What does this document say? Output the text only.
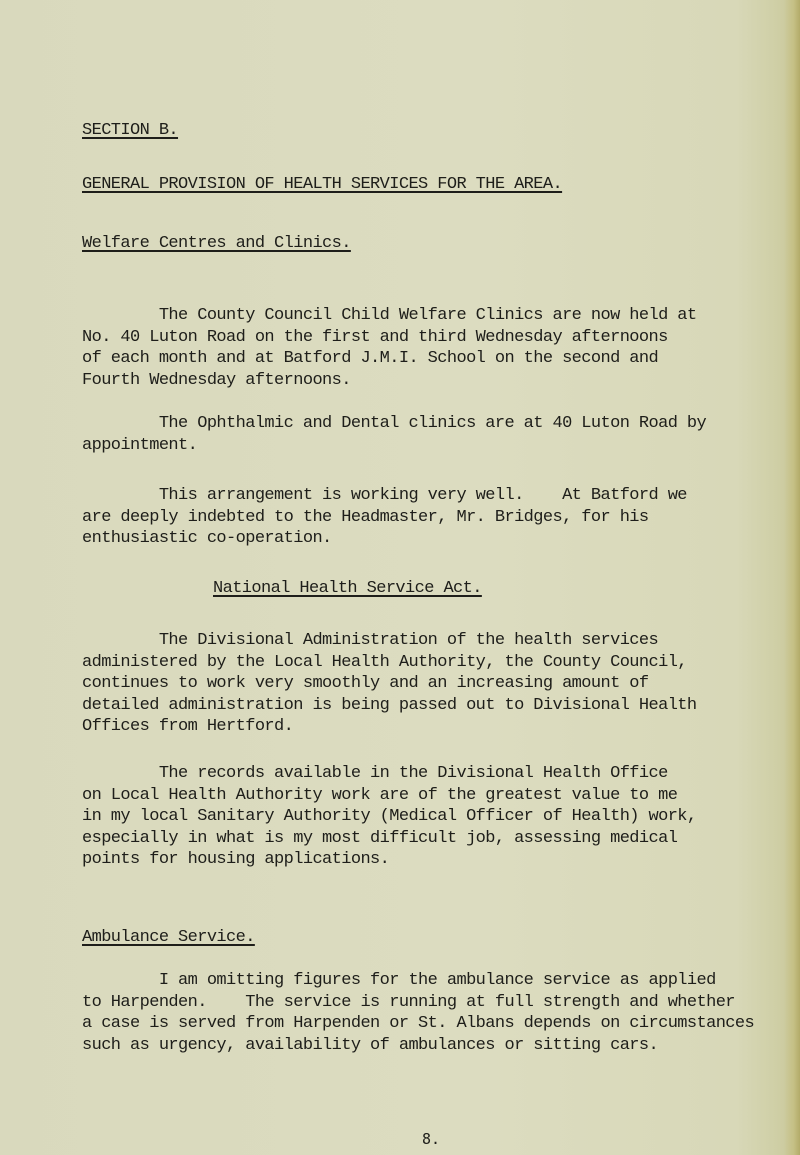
SECTION B.
GENERAL PROVISION OF HEALTH SERVICES FOR THE AREA.
Welfare Centres and Clinics.
The County Council Child Welfare Clinics are now held at
No. 40 Luton Road on the first and third Wednesday afternoons
of each month and at Batford J.M.I. School on the second and
Fourth Wednesday afternoons.
The Ophthalmic and Dental clinics are at 40 Luton Road by
appointment.
This arrangement is working very well.    At Batford we
are deeply indebted to the Headmaster, Mr. Bridges, for his
enthusiastic co-operation.
National Health Service Act.
The Divisional Administration of the health services
administered by the Local Health Authority, the County Council,
continues to work very smoothly and an increasing amount of
detailed administration is being passed out to Divisional Health
Offices from Hertford.
The records available in the Divisional Health Office
on Local Health Authority work are of the greatest value to me
in my local Sanitary Authority (Medical Officer of Health) work,
especially in what is my most difficult job, assessing medical
points for housing applications.
Ambulance Service.
I am omitting figures for the ambulance service as applied
to Harpenden.    The service is running at full strength and whether
a case is served from Harpenden or St. Albans depends on circumstances
such as urgency, availability of ambulances or sitting cars.
8.
